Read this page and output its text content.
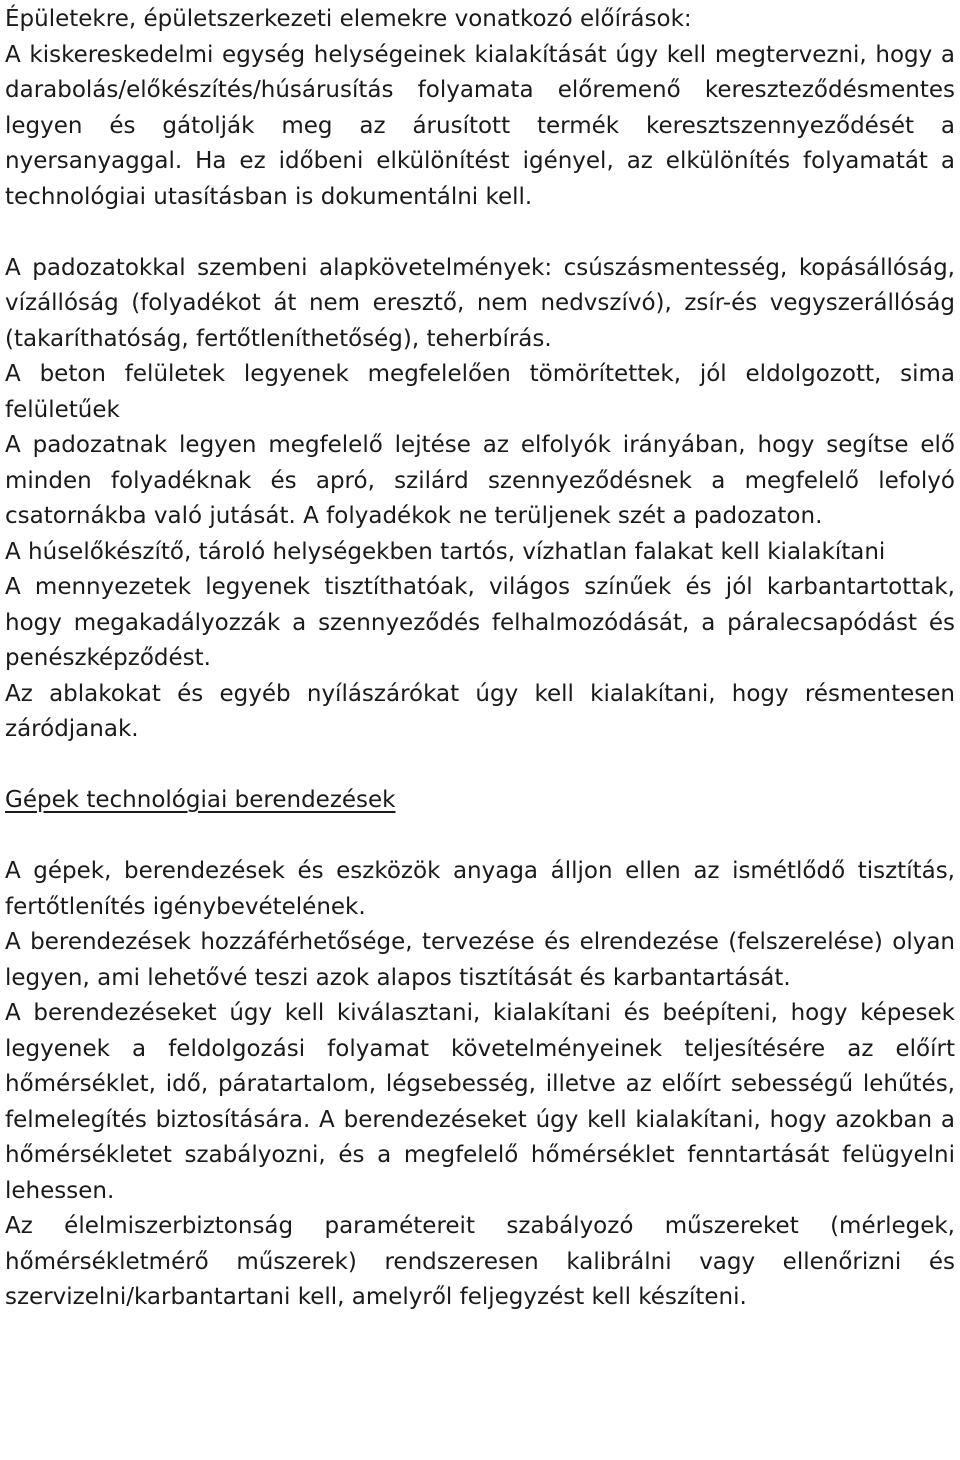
Épületekre, épületszerkezeti elemekre vonatkozó előírások:

A kiskereskedelmi egység helységeinek kialakítását úgy kell megtervezni, hogy a darabolás/előkészítés/húsárusítás folyamata előremenő kereszteződésmentes legyen és gátolják meg az árusított termék keresztszennyeződését a nyersanyaggal. Ha ez időbeni elkülönítést igényel, az elkülönítés folyamatát a technológiai utasításban is dokumentálni kell.

A padozatokkal szembeni alapkövetelmények: csúszásmentesség, kopásállóság, vízállóság (folyadékot át nem eresztő, nem nedvszívó), zsír-és vegyszerállóság (takaríthatóság, fertőtleníthetőség), teherbírás.

A beton felületek legyenek megfelelően tömörítettek, jól eldolgozott, sima felületűek

A padozatnak legyen megfelelő lejtése az elfolyók irányában, hogy segítse elő minden folyadéknak és apró, szilárd szennyeződésnek a megfelelő lefolyó csatornákba való jutását. A folyadékok ne terüljenek szét a padozaton.

A húselőkészítő, tároló helységekben tartós, vízhatlan falakat kell kialakítani

A mennyezetek legyenek tisztíthatóak, világos színűek és jól karbantartottak, hogy megakadályozzák a szennyeződés felhalmozódását, a páralecsapódást és penészképződést.

Az ablakokat és egyéb nyílászárókat úgy kell kialakítani, hogy résmentesen záródjanak.

Gépek technológiai berendezések

A gépek, berendezések és eszközök anyaga álljon ellen az ismétlődő tisztítás, fertőtlenítés igénybevételének.

A berendezések hozzáférhetősége, tervezése és elrendezése (felszerelése) olyan legyen, ami lehetővé teszi azok alapos tisztítását és karbantartását.

A berendezéseket úgy kell kiválasztani, kialakítani és beépíteni, hogy képesek legyenek a feldolgozási folyamat követelményeinek teljesítésére az előírt hőmérséklet, idő, páratartalom, légsebesség, illetve az előírt sebességű lehűtés, felmelegítés biztosítására. A berendezéseket úgy kell kialakítani, hogy azokban a hőmérsékletet szabályozni, és a megfelelő hőmérséklet fenntartását felügyelni lehessen.

Az élelmiszerbiztonság paramétereit szabályozó műszereket (mérlegek, hőmérsékletmérő műszerek) rendszeresen kalibrálni vagy ellenőrizni és szervizelni/karbantartani kell, amelyről feljegyzést kell készíteni.
